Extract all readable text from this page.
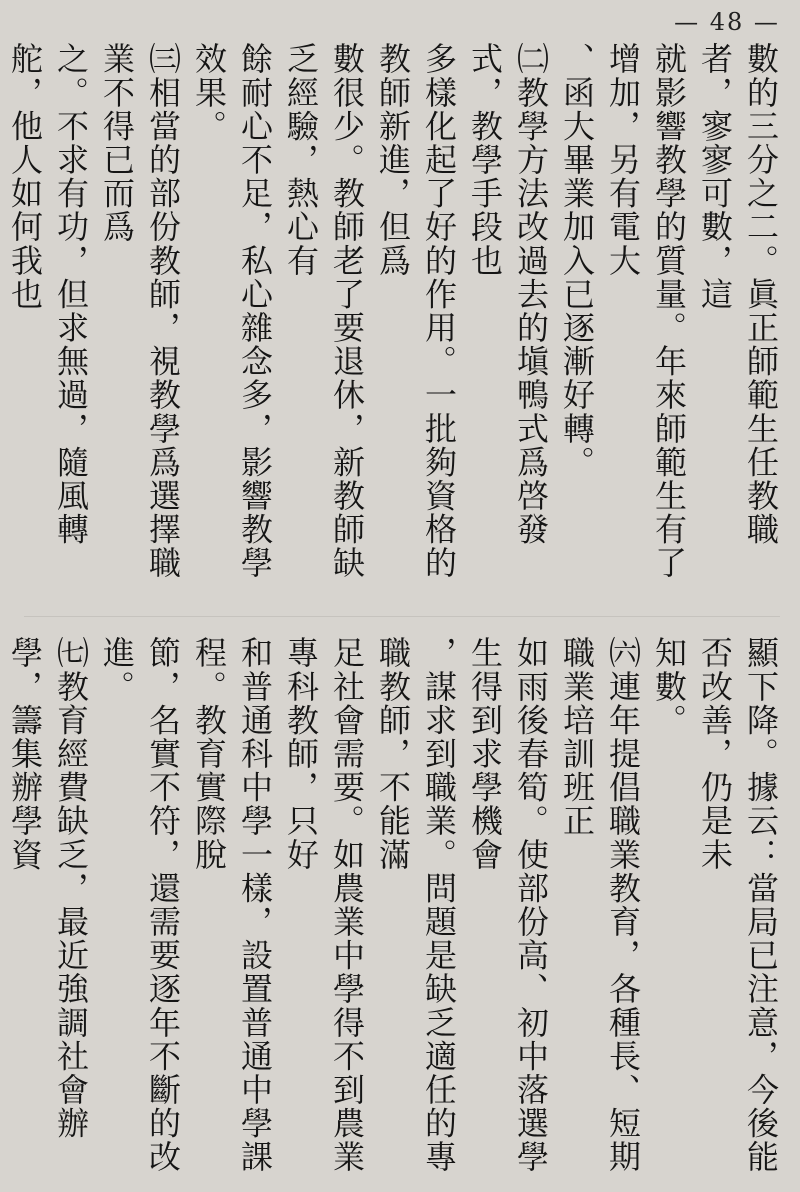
— 48 —
數的三分之二。眞正師範生任教職者，寥寥可數，這
就影響教學的質量。年來師範生有了增加，另有電大
、函大畢業加入已逐漸好轉。
㈡教學方法改過去的塡鴨式爲啓發式，教學手段也
多樣化起了好的作用。一批夠資格的教師新進，但爲
數很少。教師老了要退休，新教師缺乏經驗，熱心有
餘耐心不足，私心雜念多，影響教學效果。
㈢相當的部份教師，視教學爲選擇職業不得已而爲
之。不求有功，但求無過，隨風轉舵，他人如何我也
顯下降。據云：當局已注意，今後能否改善，仍是未
知數。
㈥連年提倡職業教育，各種長、短期職業培訓班正
如雨後春筍。使部份高、初中落選學生得到求學機會
，謀求到職業。問題是缺乏適任的專職教師，不能滿
足社會需要。如農業中學得不到農業專科教師，只好
和普通科中學一樣，設置普通中學課程。教育實際脫
節，名實不符，還需要逐年不斷的改進。
㈦教育經費缺乏，最近強調社會辦學，籌集辦學資
